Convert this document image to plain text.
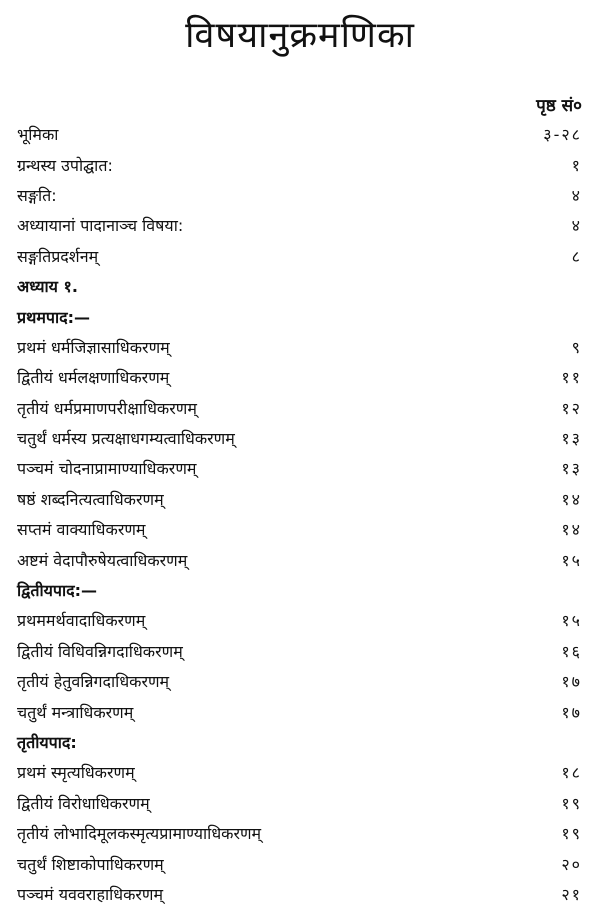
विषयानुक्रमणिका
पृष्ठ सं०
भूमिका	३-२८
ग्रन्थस्य उपोद्घात:	१
सङ्गति:	४
अध्यायानां पादानाञ्च विषया:	४
सङ्गतिप्रदर्शनम्	८
अध्याय १.
प्रथमपाद:—
प्रथमं धर्मजिज्ञासाधिकरणम्	९
द्वितीयं धर्मलक्षणाधिकरणम्	११
तृतीयं धर्मप्रमाणपरीक्षाधिकरणम्	१२
चतुर्थं धर्मस्य प्रत्यक्षाधगम्यत्वाधिकरणम्	१३
पञ्चमं चोदनाप्रामाण्याधिकरणम्	१३
षष्ठं शब्दनित्यत्वाधिकरणम्	१४
सप्तमं वाक्याधिकरणम्	१४
अष्टमं वेदापौरुषेयत्वाधिकरणम्	१५
द्वितीयपाद:—
प्रथममर्थवादाधिकरणम्	१५
द्वितीयं विधिवन्निगदाधिकरणम्	१६
तृतीयं हेतुवन्निगदाधिकरणम्	१७
चतुर्थं मन्त्राधिकरणम्	१७
तृतीयपाद:
प्रथमं स्मृत्यधिकरणम्	१८
द्वितीयं विरोधाधिकरणम्	१९
तृतीयं लोभादिमूलकस्मृत्यप्रामाण्याधिकरणम्	१९
चतुर्थं शिष्टाकोपाधिकरणम्	२०
पञ्चमं यववराहाधिकरणम्	२१
